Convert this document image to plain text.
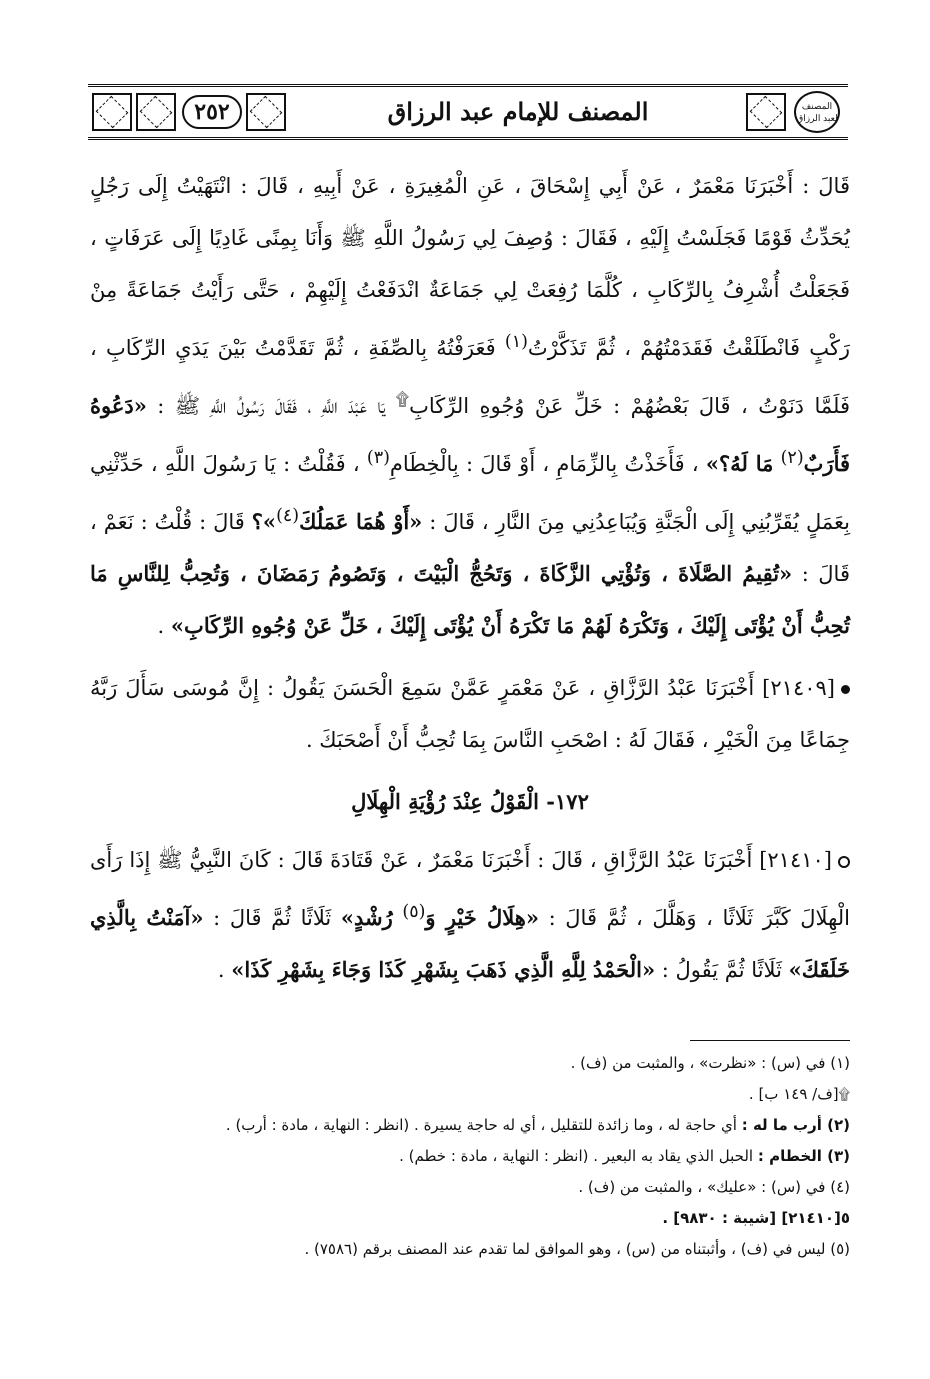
٢٥٢	المصنف للإمام عبد الرزاق	المصنف لعبد الرزاق

قَالَ : أَخْبَرَنَا مَعْمَرٌ ، عَنْ أَبِي إِسْحَاقَ ، عَنِ الْمُغِيرَةِ ، عَنْ أَبِيهِ ، قَالَ : انْتَهَيْتُ إِلَى رَجُلٍ يُحَدِّثُ قَوْمًا فَجَلَسْتُ إِلَيْهِ ، فَقَالَ : وُصِفَ لِي رَسُولُ اللَّهِ ﷺ وَأَنَا بِمِنًى غَادِيًا إِلَى عَرَفَاتٍ ، فَجَعَلْتُ أُشْرِفُ بِالرِّكَابِ ، كُلَّمَا رُفِعَتْ لِي جَمَاعَةٌ انْدَفَعْتُ إِلَيْهِمْ ، حَتَّى رَأَيْتُ جَمَاعَةً مِنْ رَكْبٍ فَانْطَلَقْتُ فَقَدَمْتُهُمْ ، ثُمَّ تَذَكَّرْتُ$^{(١)}$ فَعَرَفْتُهُ بِالصِّفَةِ ، ثُمَّ تَقَدَّمْتُ بَيْنَ يَدَيِ الرِّكَابِ ، فَلَمَّا دَنَوْتُ ، قَالَ بَعْضُهُمْ : خَلِّ عَنْ وُجُوهِ الرِّكَابِ۩ يَا عَبْدَ اللَّهِ ، فَقَالَ رَسُولُ اللَّهِ ﷺ : «دَعُوهُ فَأَرَبٌ$^{(٢)}$ مَا لَهُ؟» ، فَأَخَذْتُ بِالزِّمَامِ ، أَوْ قَالَ : بِالْخِطَامِ$^{(٣)}$ ، فَقُلْتُ : يَا رَسُولَ اللَّهِ ، حَدِّثْنِي بِعَمَلٍ يُقَرِّبُنِي إِلَى الْجَنَّةِ وَيُبَاعِدُنِي مِنَ النَّارِ ، قَالَ : «أَوْ هُمَا عَمَلُكَ$^{(٤)}$»؟ قَالَ : قُلْتُ : نَعَمْ ، قَالَ : «تُقِيمُ الصَّلَاةَ ، وَتُؤْتِي الزَّكَاةَ ، وَتَحُجُّ الْبَيْتَ ، وَتَصُومُ رَمَضَانَ ، وَتُحِبُّ لِلنَّاسِ مَا تُحِبُّ أَنْ يُؤْتَى إِلَيْكَ ، وَتَكْرَهُ لَهُمْ مَا تَكْرَهُ أَنْ يُؤْتَى إِلَيْكَ ، خَلِّ عَنْ وُجُوهِ الرِّكَابِ» .

[٢١٤٠٩] أَخْبَرَنَا عَبْدُ الرَّزَّاقِ ، عَنْ مَعْمَرٍ عَمَّنْ سَمِعَ الْحَسَنَ يَقُولُ : إِنَّ مُوسَى سَأَلَ رَبَّهُ جِمَاعًا مِنَ الْخَيْرِ ، فَقَالَ لَهُ : اصْحَبِ النَّاسَ بِمَا تُحِبُّ أَنْ أَصْحَبَكَ .

١٧٢- الْقَوْلُ عِنْدَ رُؤْيَةِ الْهِلَالِ

[٢١٤١٠] أَخْبَرَنَا عَبْدُ الرَّزَّاقِ ، قَالَ : أَخْبَرَنَا مَعْمَرٌ ، عَنْ قَتَادَةَ قَالَ : كَانَ النَّبِيُّ ﷺ إِذَا رَأَى الْهِلَالَ كَبَّرَ ثَلَاثًا ، وَهَلَّلَ ، ثُمَّ قَالَ : «هِلَالُ خَيْرٍ وَ$^{(٥)}$ رُشْدٍ» ثَلَاثًا ثُمَّ قَالَ : «آمَنْتُ بِالَّذِي خَلَقَكَ» ثَلَاثًا ثُمَّ يَقُولُ : «الْحَمْدُ لِلَّهِ الَّذِي ذَهَبَ بِشَهْرِ كَذَا وَجَاءَ بِشَهْرِ كَذَا» .

(١) في (س) : «نظرت» ، والمثبت من (ف) .

۩[ف/ ١٤٩ ب] .

(٢) أرب ما له : أي حاجة له ، وما زائدة للتقليل ، أي له حاجة يسيرة . (انظر : النهاية ، مادة : أرب) .

(٣) الخطام : الحبل الذي يقاد به البعير . (انظر : النهاية ، مادة : خطم) .

(٤) في (س) : «عليك» ، والمثبت من (ف) .

٥[٢١٤١٠] [شيبة : ٩٨٣٠] .

(٥) ليس في (ف) ، وأثبتناه من (س) ، وهو الموافق لما تقدم عند المصنف برقم (٧٥٨٦) .
